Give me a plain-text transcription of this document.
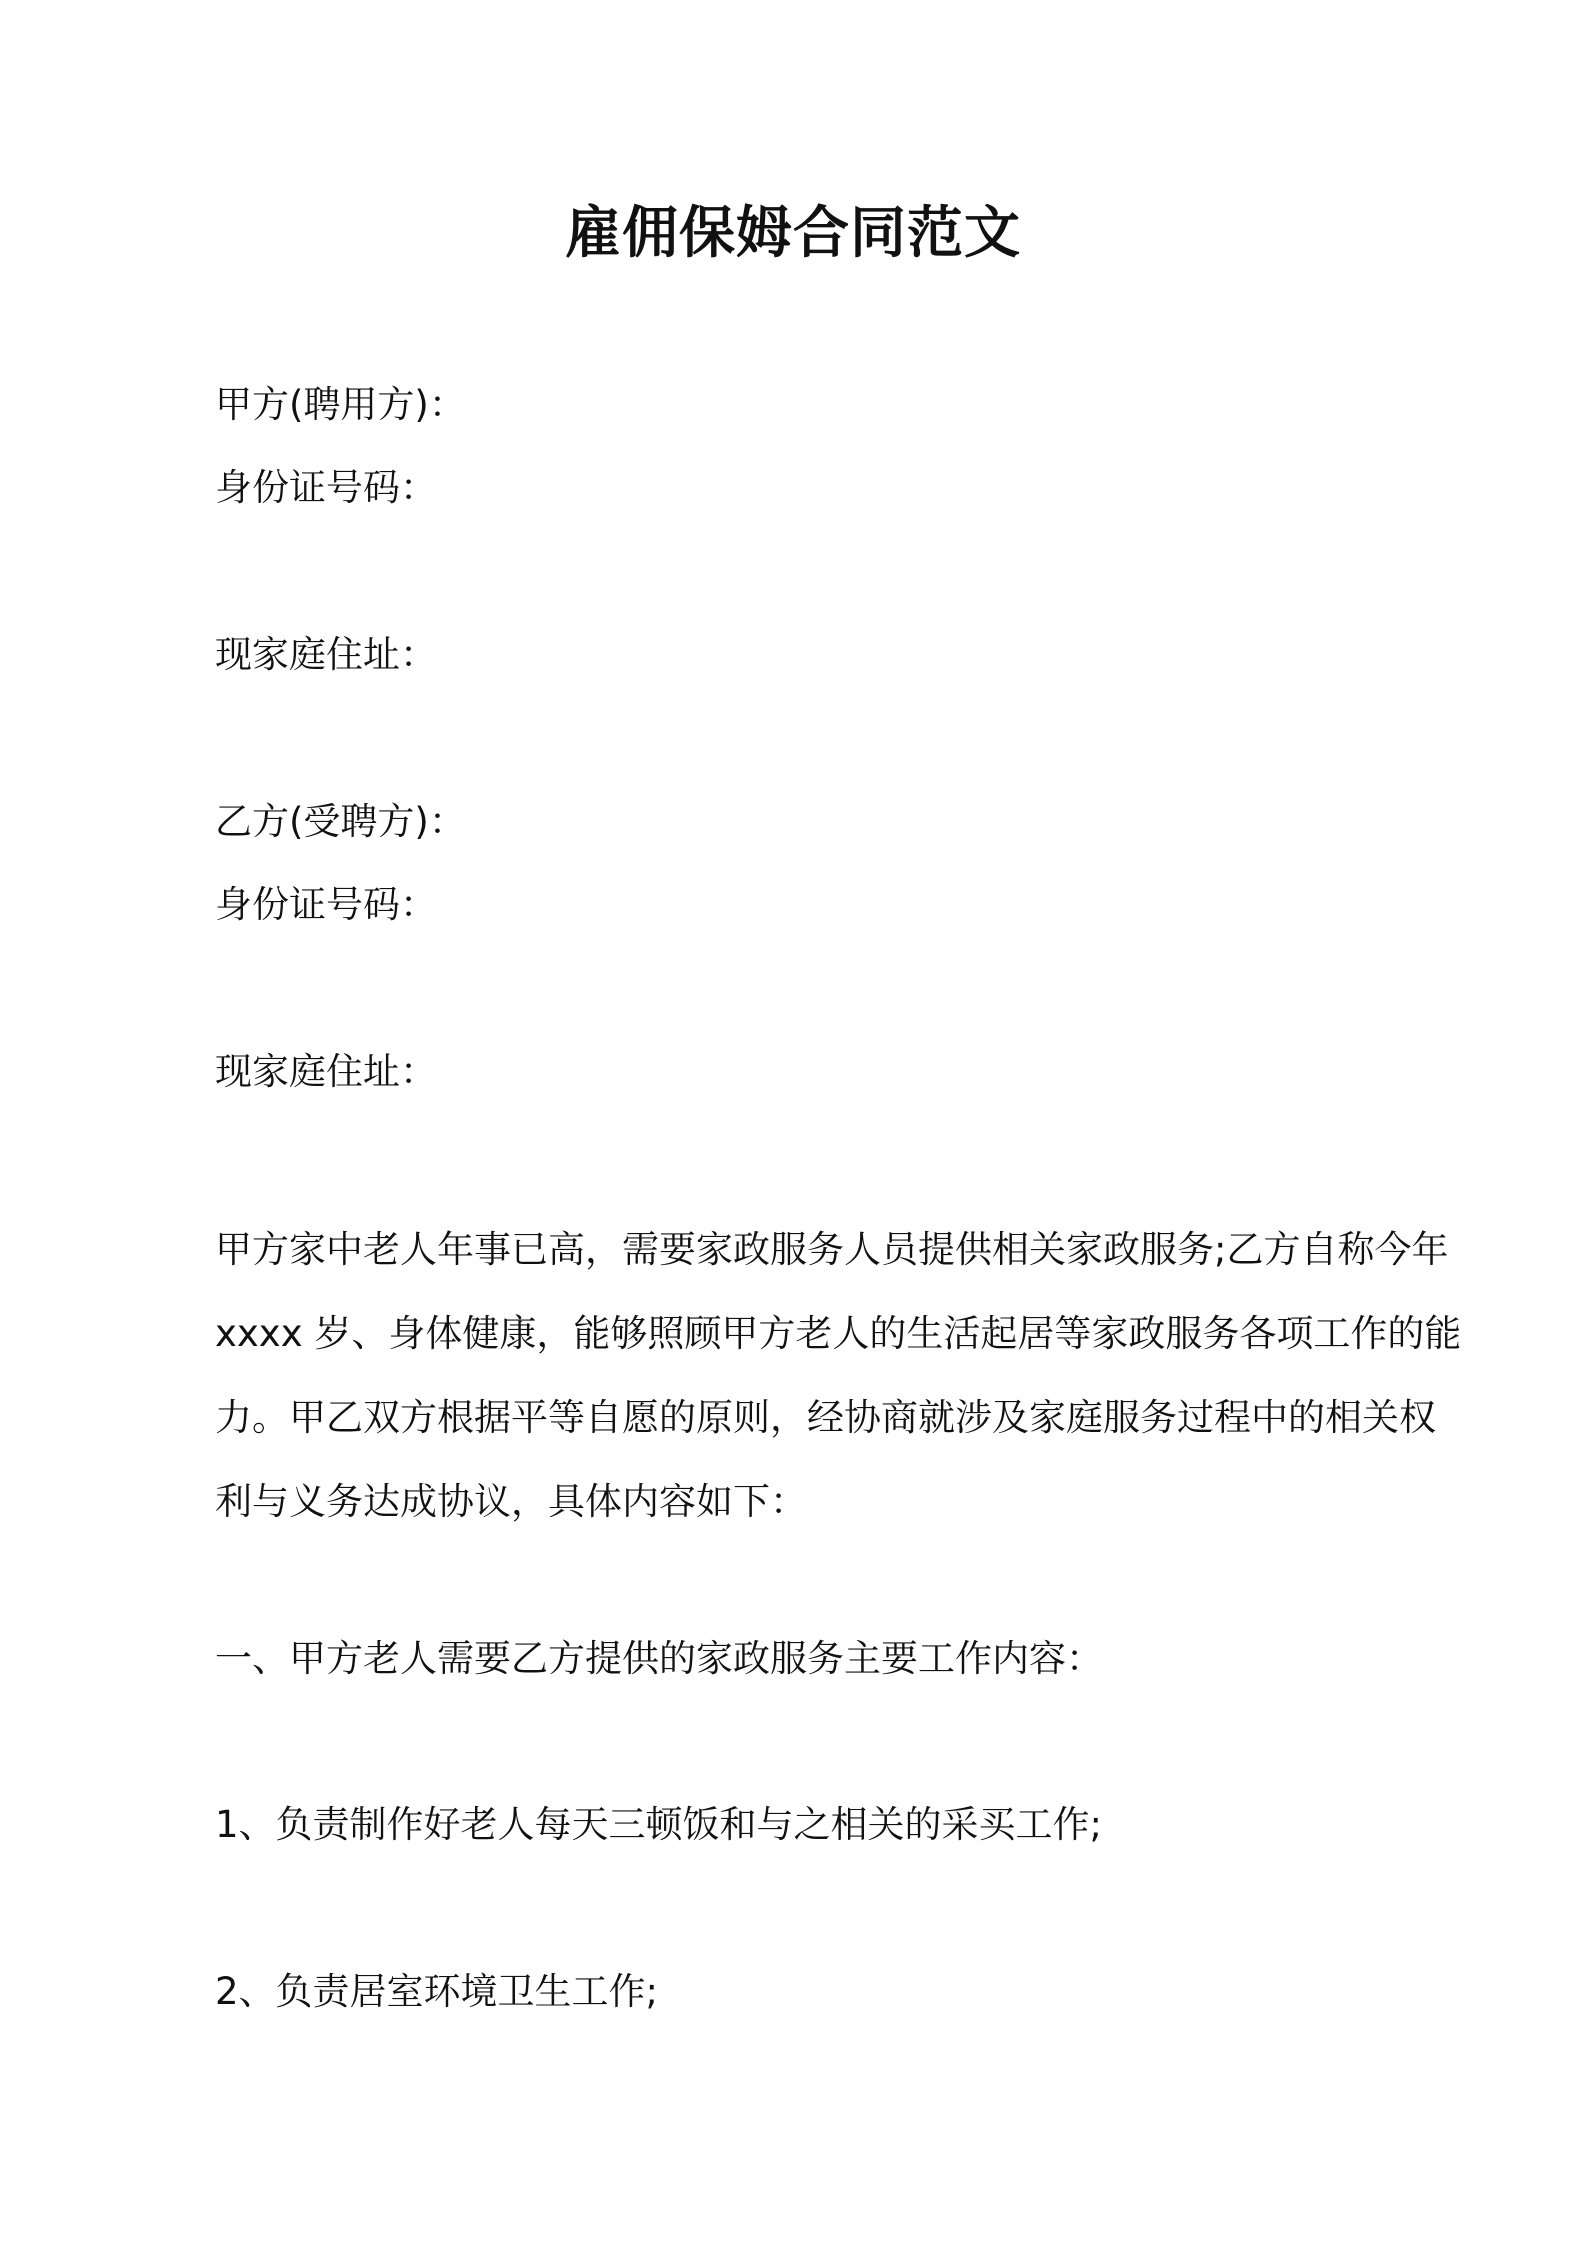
雇佣保姆合同范文
甲方(聘用方)：
身份证号码：
现家庭住址：
乙方(受聘方)：
身份证号码：
现家庭住址：
甲方家中老人年事已高，需要家政服务人员提供相关家政服务;乙方自称今年
xxxx 岁、身体健康，能够照顾甲方老人的生活起居等家政服务各项工作的能
力。甲乙双方根据平等自愿的原则，经协商就涉及家庭服务过程中的相关权
利与义务达成协议，具体内容如下：
一、甲方老人需要乙方提供的家政服务主要工作内容：
1、负责制作好老人每天三顿饭和与之相关的采买工作;
2、负责居室环境卫生工作;
